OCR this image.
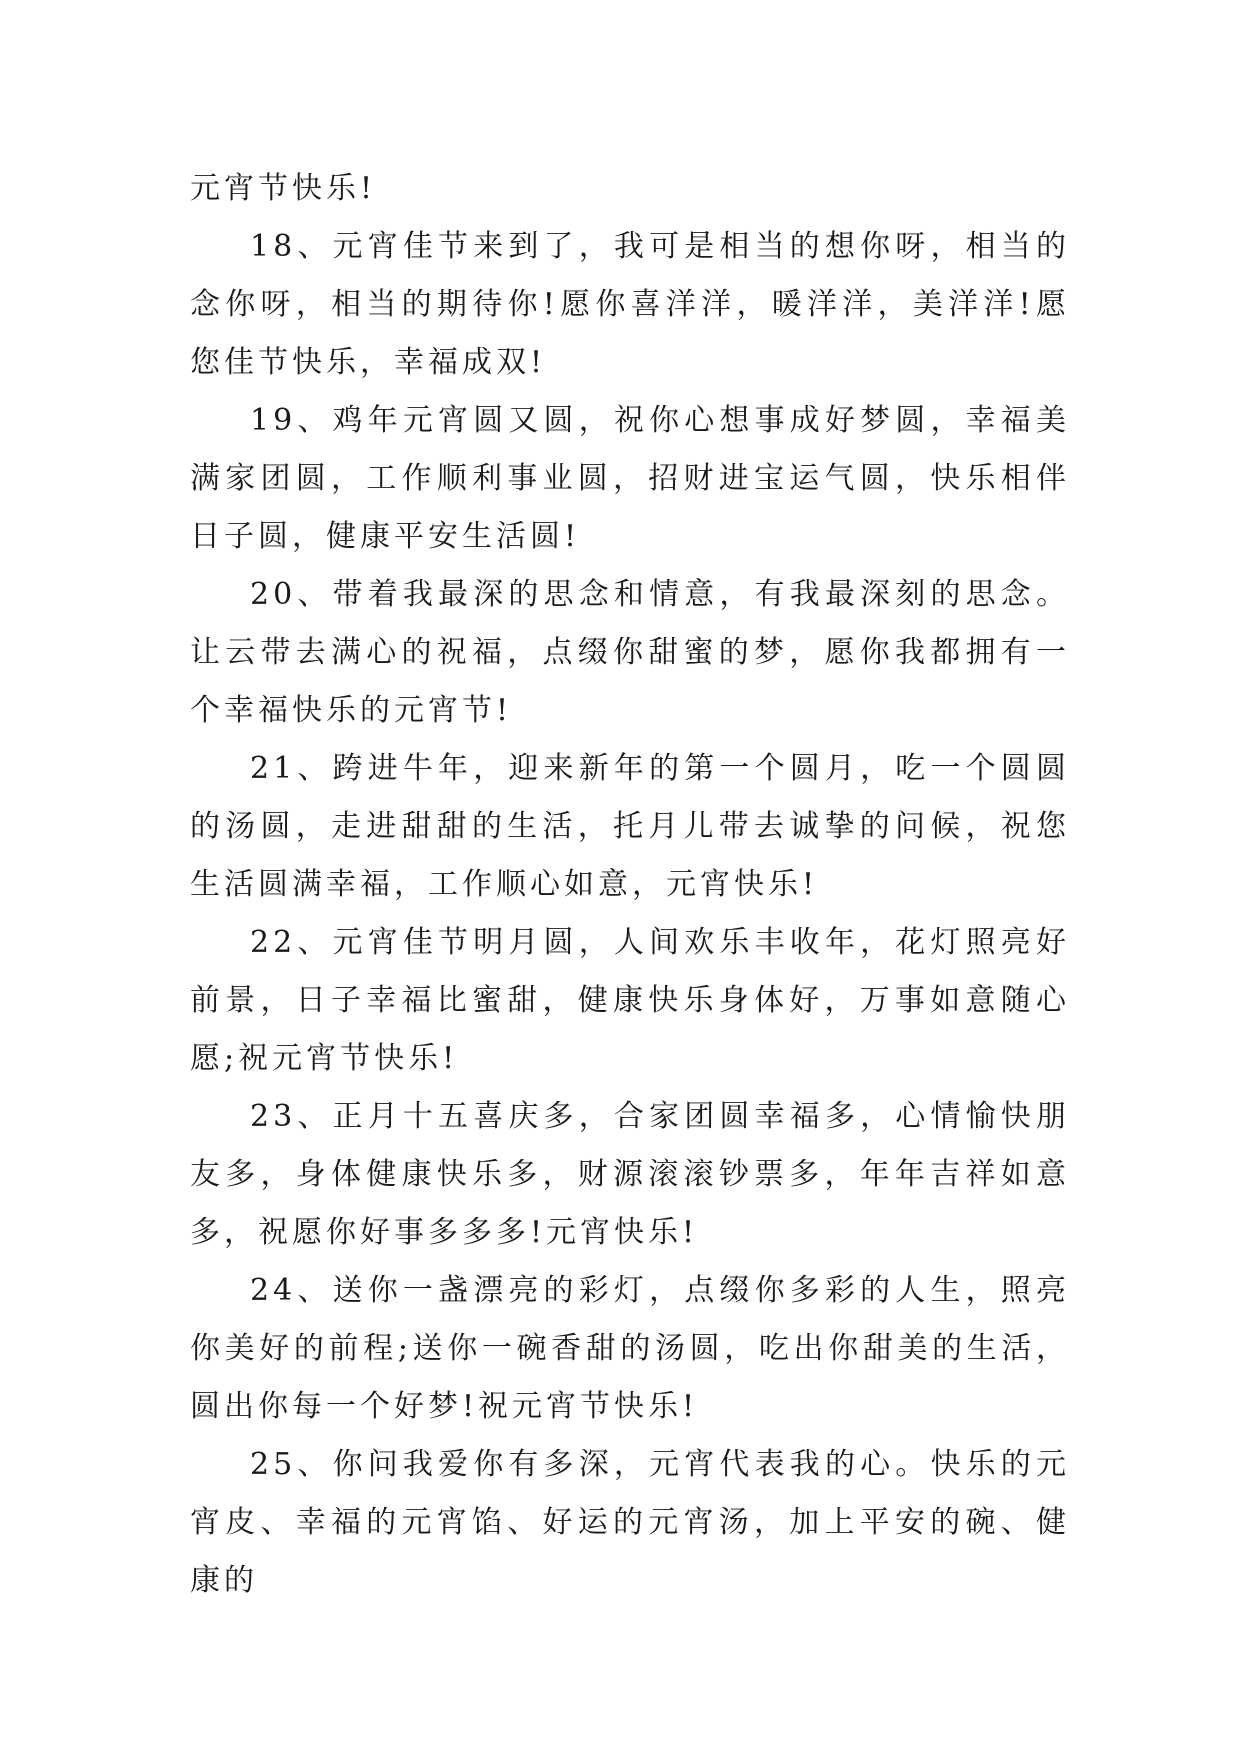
元宵节快乐!

18、元宵佳节来到了，我可是相当的想你呀，相当的念你呀，相当的期待你!愿你喜洋洋，暖洋洋，美洋洋!愿您佳节快乐，幸福成双!

19、鸡年元宵圆又圆，祝你心想事成好梦圆，幸福美满家团圆，工作顺利事业圆，招财进宝运气圆，快乐相伴日子圆，健康平安生活圆!

20、带着我最深的思念和情意，有我最深刻的思念。让云带去满心的祝福，点缀你甜蜜的梦，愿你我都拥有一个幸福快乐的元宵节!

21、跨进牛年，迎来新年的第一个圆月，吃一个圆圆的汤圆，走进甜甜的生活，托月儿带去诚挚的问候，祝您生活圆满幸福，工作顺心如意，元宵快乐!

22、元宵佳节明月圆，人间欢乐丰收年，花灯照亮好前景，日子幸福比蜜甜，健康快乐身体好，万事如意随心愿;祝元宵节快乐!

23、正月十五喜庆多，合家团圆幸福多，心情愉快朋友多，身体健康快乐多，财源滚滚钞票多，年年吉祥如意多，祝愿你好事多多多!元宵快乐!

24、送你一盏漂亮的彩灯，点缀你多彩的人生，照亮你美好的前程;送你一碗香甜的汤圆，吃出你甜美的生活，圆出你每一个好梦!祝元宵节快乐!

25、你问我爱你有多深，元宵代表我的心。快乐的元宵皮、幸福的元宵馅、好运的元宵汤，加上平安的碗、健康的
